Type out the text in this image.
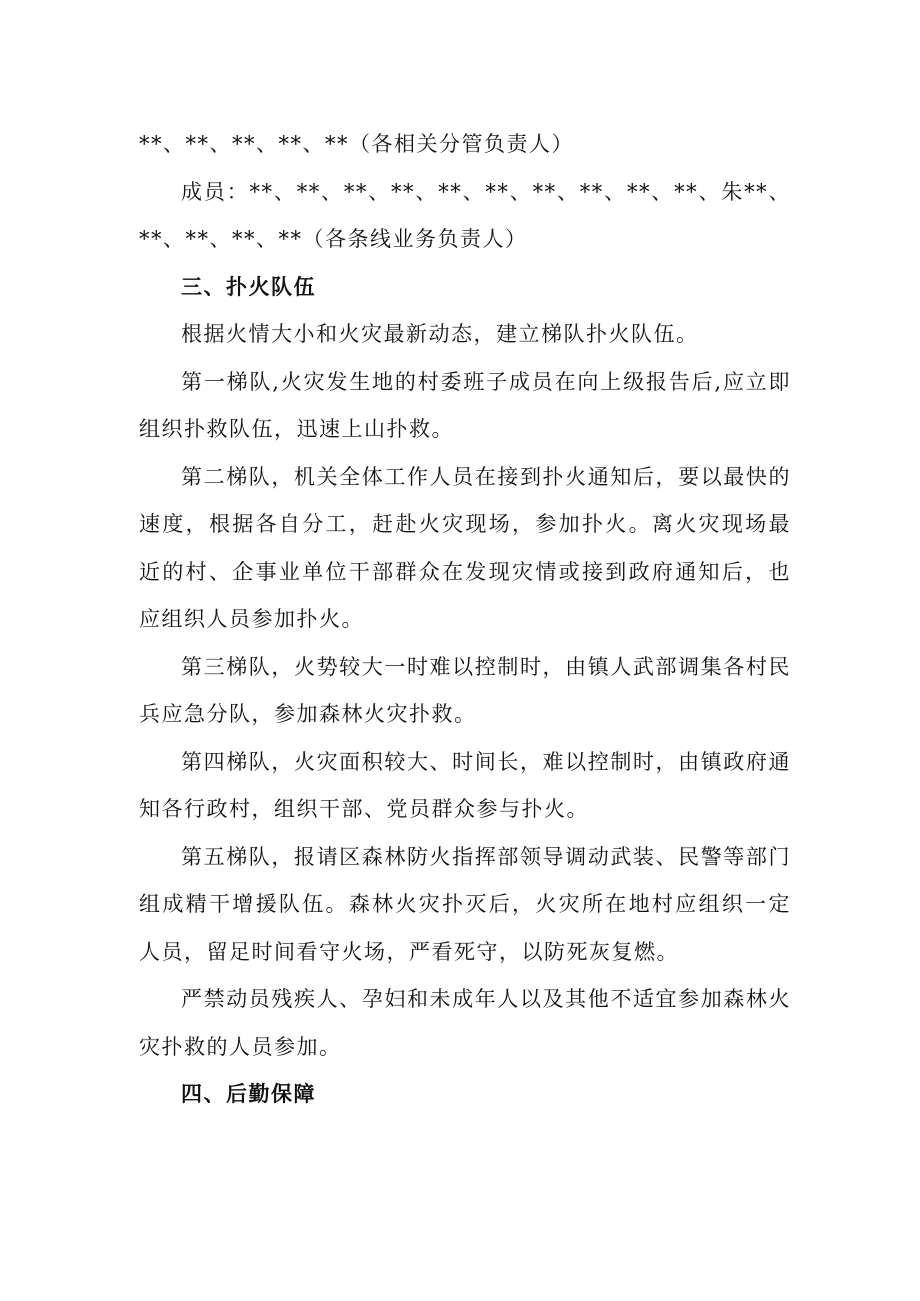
**、**、**、**、**（各相关分管负责人）

成员：**、**、**、**、**、**、**、**、**、**、朱**、**、**、**、**（各条线业务负责人）

三、扑火队伍

根据火情大小和火灾最新动态，建立梯队扑火队伍。

第一梯队,火灾发生地的村委班子成员在向上级报告后,应立即组织扑救队伍，迅速上山扑救。

第二梯队，机关全体工作人员在接到扑火通知后，要以最快的速度，根据各自分工，赶赴火灾现场，参加扑火。离火灾现场最近的村、企事业单位干部群众在发现灾情或接到政府通知后，也应组织人员参加扑火。

第三梯队，火势较大一时难以控制时，由镇人武部调集各村民兵应急分队，参加森林火灾扑救。

第四梯队，火灾面积较大、时间长，难以控制时，由镇政府通知各行政村，组织干部、党员群众参与扑火。

第五梯队，报请区森林防火指挥部领导调动武装、民警等部门组成精干增援队伍。森林火灾扑灭后，火灾所在地村应组织一定人员，留足时间看守火场，严看死守，以防死灰复燃。

严禁动员残疾人、孕妇和未成年人以及其他不适宜参加森林火灾扑救的人员参加。

四、后勤保障
